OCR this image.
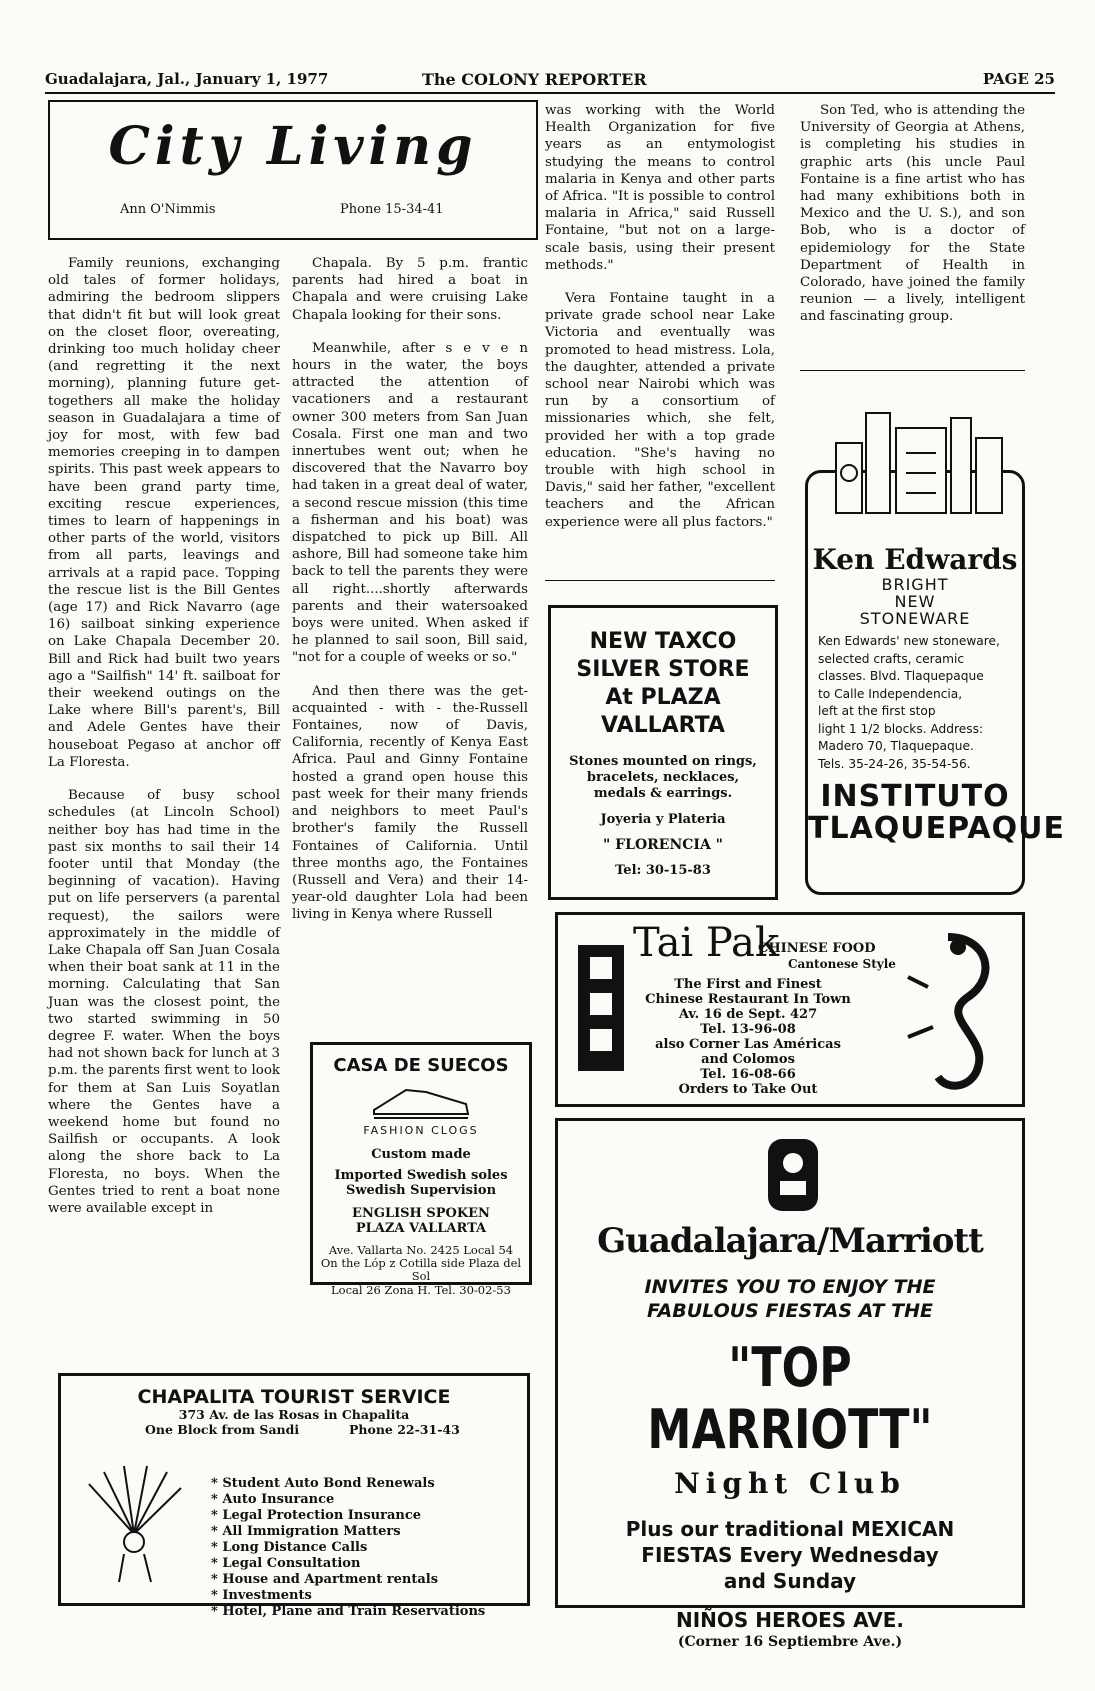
Guadalajara, Jal., January 1, 1977	The COLONY REPORTER	PAGE 25
City Living
Ann O'Nimmis	Phone 15-34-41

Family reunions, exchanging old tales of former holidays, admiring the bedroom slippers that didn't fit but will look great on the closet floor, overeating, drinking too much holiday cheer (and regretting it the next morning), planning future get-togethers all make the holiday season in Guadalajara a time of joy for most, with few bad memories creeping in to dampen spirits. This past week appears to have been grand party time, exciting rescue experiences, times to learn of happenings in other parts of the world, visitors from all parts, leavings and arrivals at a rapid pace. Topping the rescue list is the Bill Gentes (age 17) and Rick Navarro (age 16) sailboat sinking experience on Lake Chapala December 20. Bill and Rick had built two years ago a "Sailfish" 14' ft. sailboat for their weekend outings on the Lake where Bill's parent's, Bill and Adele Gentes have their houseboat Pegaso at anchor off La Floresta.

Because of busy school schedules (at Lincoln School) neither boy has had time in the past six months to sail their 14 footer until that Monday (the beginning of vacation). Having put on life perservers (a parental request), the sailors were approximately in the middle of Lake Chapala off San Juan Cosala when their boat sank at 11 in the morning. Calculating that San Juan was the closest point, the two started swimming in 50 degree F. water. When the boys had not shown back for lunch at 3 p.m. the parents first went to look for them at San Luis Soyatlan where the Gentes have a weekend home but found no Sailfish or occupants. A look along the shore back to La Floresta, no boys. When the Gentes tried to rent a boat none were available except in

Chapala. By 5 p.m. frantic parents had hired a boat in Chapala and were cruising Lake Chapala looking for their sons.

Meanwhile, after s e v e n hours in the water, the boys attracted the attention of vacationers and a restaurant owner 300 meters from San Juan Cosala. First one man and two innertubes went out; when he discovered that the Navarro boy had taken in a great deal of water, a second rescue mission (this time a fisherman and his boat) was dispatched to pick up Bill. All ashore, Bill had someone take him back to tell the parents they were all right....shortly afterwards parents and their watersoaked boys were united. When asked if he planned to sail soon, Bill said, "not for a couple of weeks or so."

And then there was the get-acquainted - with - the-Russell Fontaines, now of Davis, California, recently of Kenya East Africa. Paul and Ginny Fontaine hosted a grand open house this past week for their many friends and neighbors to meet Paul's brother's family the Russell Fontaines of California. Until three months ago, the Fontaines (Russell and Vera) and their 14-year-old daughter Lola had been living in Kenya where Russell

was working with the World Health Organization for five years as an entymologist studying the means to control malaria in Kenya and other parts of Africa. "It is possible to control malaria in Africa," said Russell Fontaine, "but not on a large-scale basis, using their present methods."

Vera Fontaine taught in a private grade school near Lake Victoria and eventually was promoted to head mistress. Lola, the daughter, attended a private school near Nairobi which was run by a consortium of missionaries which, she felt, provided her with a top grade education. "She's having no trouble with high school in Davis," said her father, "excellent teachers and the African experience were all plus factors."

Son Ted, who is attending the University of Georgia at Athens, is completing his studies in graphic arts (his uncle Paul Fontaine is a fine artist who has had many exhibitions both in Mexico and the U. S.), and son Bob, who is a doctor of epidemiology for the State Department of Health in Colorado, have joined the family reunion — a lively, intelligent and fascinating group.

NEW TAXCO
SILVER STORE
At PLAZA
VALLARTA
Stones mounted on rings, bracelets, necklaces, medals & earrings.
Joyeria y Plateria
" FLORENCIA "
Tel: 30-15-83
Ken Edwards
BRIGHT
NEW
STONEWARE
Ken Edwards' new stoneware,
selected crafts, ceramic
classes. Blvd. Tlaquepaque
to Calle Independencia,
left at the first stop
light 1 1/2 blocks. Address:
Madero 70, Tlaquepaque.
Tels. 35-24-26, 35-54-56.
INSTITUTO
TLAQUEPAQUE
Tai Pak
CHINESE FOOD
Cantonese Style
The First and Finest
Chinese Restaurant In Town
Av. 16 de Sept. 427
Tel. 13-96-08
also Corner Las Américas
and Colomos
Tel. 16-08-66
Orders to Take Out
CASA DE SUECOS
FASHION CLOGS
Custom made
Imported Swedish soles
Swedish Supervision
ENGLISH SPOKEN
PLAZA VALLARTA
Ave. Vallarta No. 2425 Local 54 On the Lóp z Cotilla side Plaza del Sol
Local 26 Zona H. Tel. 30-02-53
CHAPALITA TOURIST SERVICE
373 Av. de las Rosas in Chapalita
One Block from Sandi	Phone 22-31-43
* Student Auto Bond Renewals
* Auto Insurance
* Legal Protection Insurance
* All Immigration Matters
* Long Distance Calls
* Legal Consultation
* House and Apartment rentals
* Investments
* Hotel, Plane and Train Reservations
Guadalajara/Marriott
INVITES YOU TO ENJOY THE
FABULOUS FIESTAS AT THE
"TOP MARRIOTT"
Night Club
Plus our traditional MEXICAN
FIESTAS Every Wednesday
and Sunday
NIÑOS HEROES AVE.
(Corner 16 Septiembre Ave.)
